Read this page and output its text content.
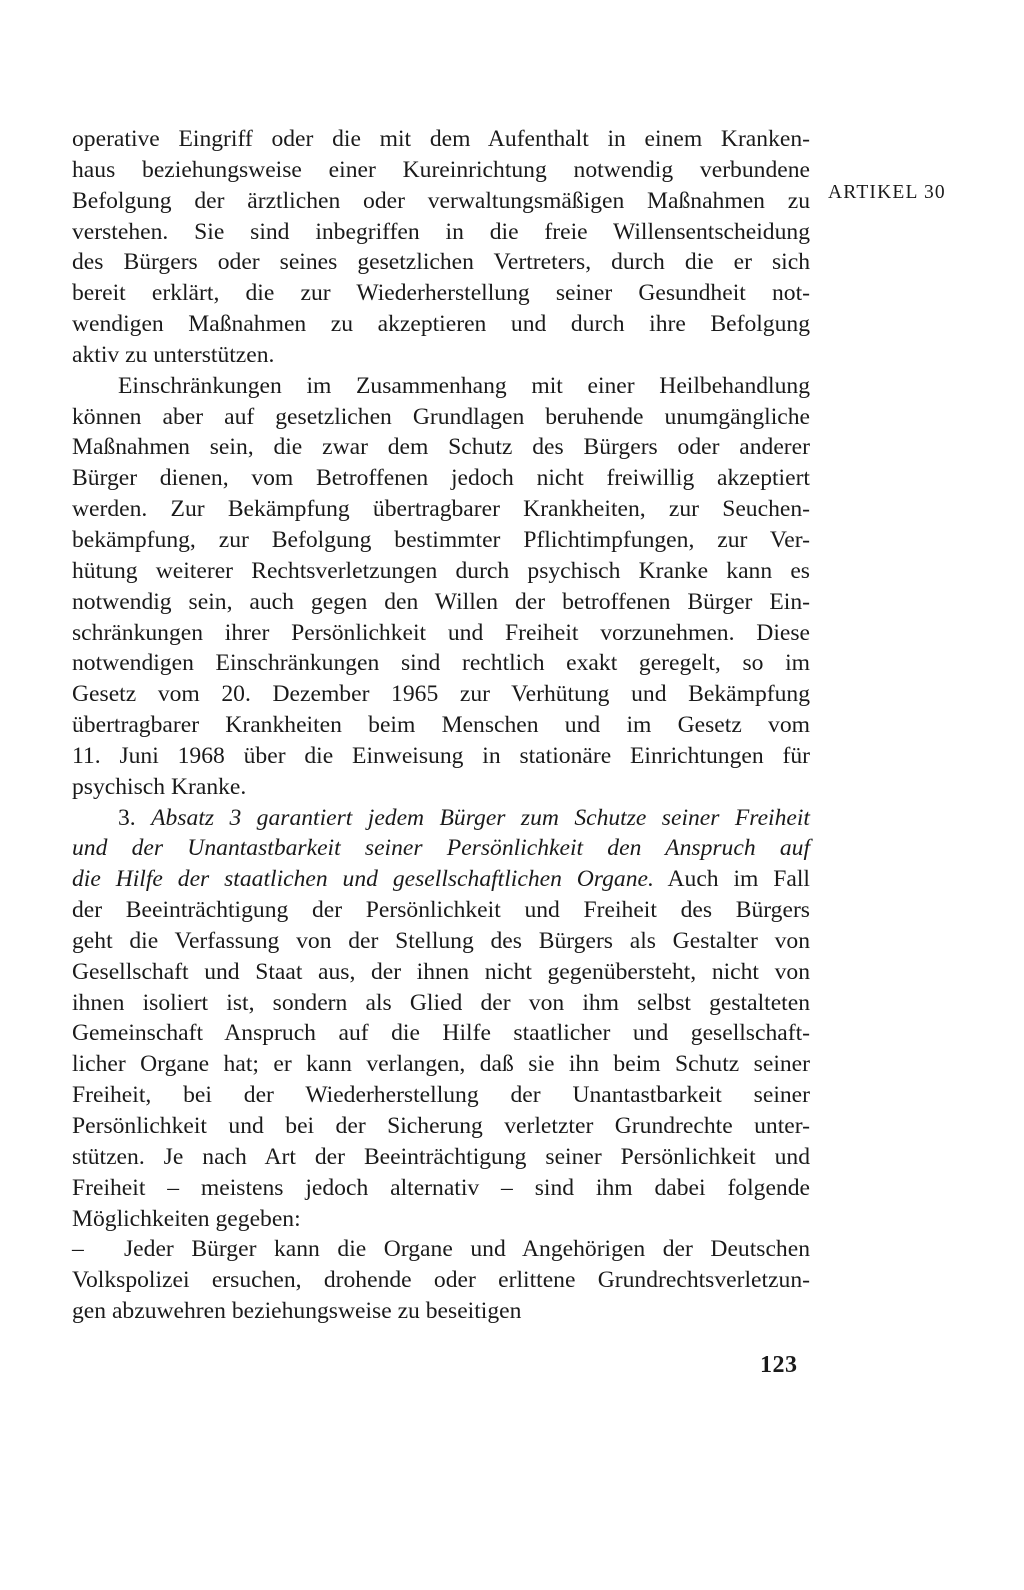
operative Eingriff oder die mit dem Aufenthalt in einem Kranken-
haus beziehungsweise einer Kureinrichtung notwendig verbundene
Befolgung der ärztlichen oder verwaltungsmäßigen Maßnahmen zu
verstehen. Sie sind inbegriffen in die freie Willensentscheidung
des Bürgers oder seines gesetzlichen Vertreters, durch die er sich
bereit erklärt, die zur Wiederherstellung seiner Gesundheit not-
wendigen Maßnahmen zu akzeptieren und durch ihre Befolgung
aktiv zu unterstützen.
Einschränkungen im Zusammenhang mit einer Heilbehandlung
können aber auf gesetzlichen Grundlagen beruhende unumgängliche
Maßnahmen sein, die zwar dem Schutz des Bürgers oder anderer
Bürger dienen, vom Betroffenen jedoch nicht freiwillig akzeptiert
werden. Zur Bekämpfung übertragbarer Krankheiten, zur Seuchen-
bekämpfung, zur Befolgung bestimmter Pflichtimpfungen, zur Ver-
hütung weiterer Rechtsverletzungen durch psychisch Kranke kann es
notwendig sein, auch gegen den Willen der betroffenen Bürger Ein-
schränkungen ihrer Persönlichkeit und Freiheit vorzunehmen. Diese
notwendigen Einschränkungen sind rechtlich exakt geregelt, so im
Gesetz vom 20. Dezember 1965 zur Verhütung und Bekämpfung
übertragbarer Krankheiten beim Menschen und im Gesetz vom
11. Juni 1968 über die Einweisung in stationäre Einrichtungen für
psychisch Kranke.
3. Absatz 3 garantiert jedem Bürger zum Schutze seiner Freiheit
und der Unantastbarkeit seiner Persönlichkeit den Anspruch auf
die Hilfe der staatlichen und gesellschaftlichen Organe. Auch im Fall
der Beeinträchtigung der Persönlichkeit und Freiheit des Bürgers
geht die Verfassung von der Stellung des Bürgers als Gestalter von
Gesellschaft und Staat aus, der ihnen nicht gegenübersteht, nicht von
ihnen isoliert ist, sondern als Glied der von ihm selbst gestalteten
Gemeinschaft Anspruch auf die Hilfe staatlicher und gesellschaft-
licher Organe hat; er kann verlangen, daß sie ihn beim Schutz seiner
Freiheit, bei der Wiederherstellung der Unantastbarkeit seiner
Persönlichkeit und bei der Sicherung verletzter Grundrechte unter-
stützen. Je nach Art der Beeinträchtigung seiner Persönlichkeit und
Freiheit – meistens jedoch alternativ – sind ihm dabei folgende
Möglichkeiten gegeben:
– Jeder Bürger kann die Organe und Angehörigen der Deutschen
Volkspolizei ersuchen, drohende oder erlittene Grundrechtsverletzun-
gen abzuwehren beziehungsweise zu beseitigen
ARTIKEL 30
123
